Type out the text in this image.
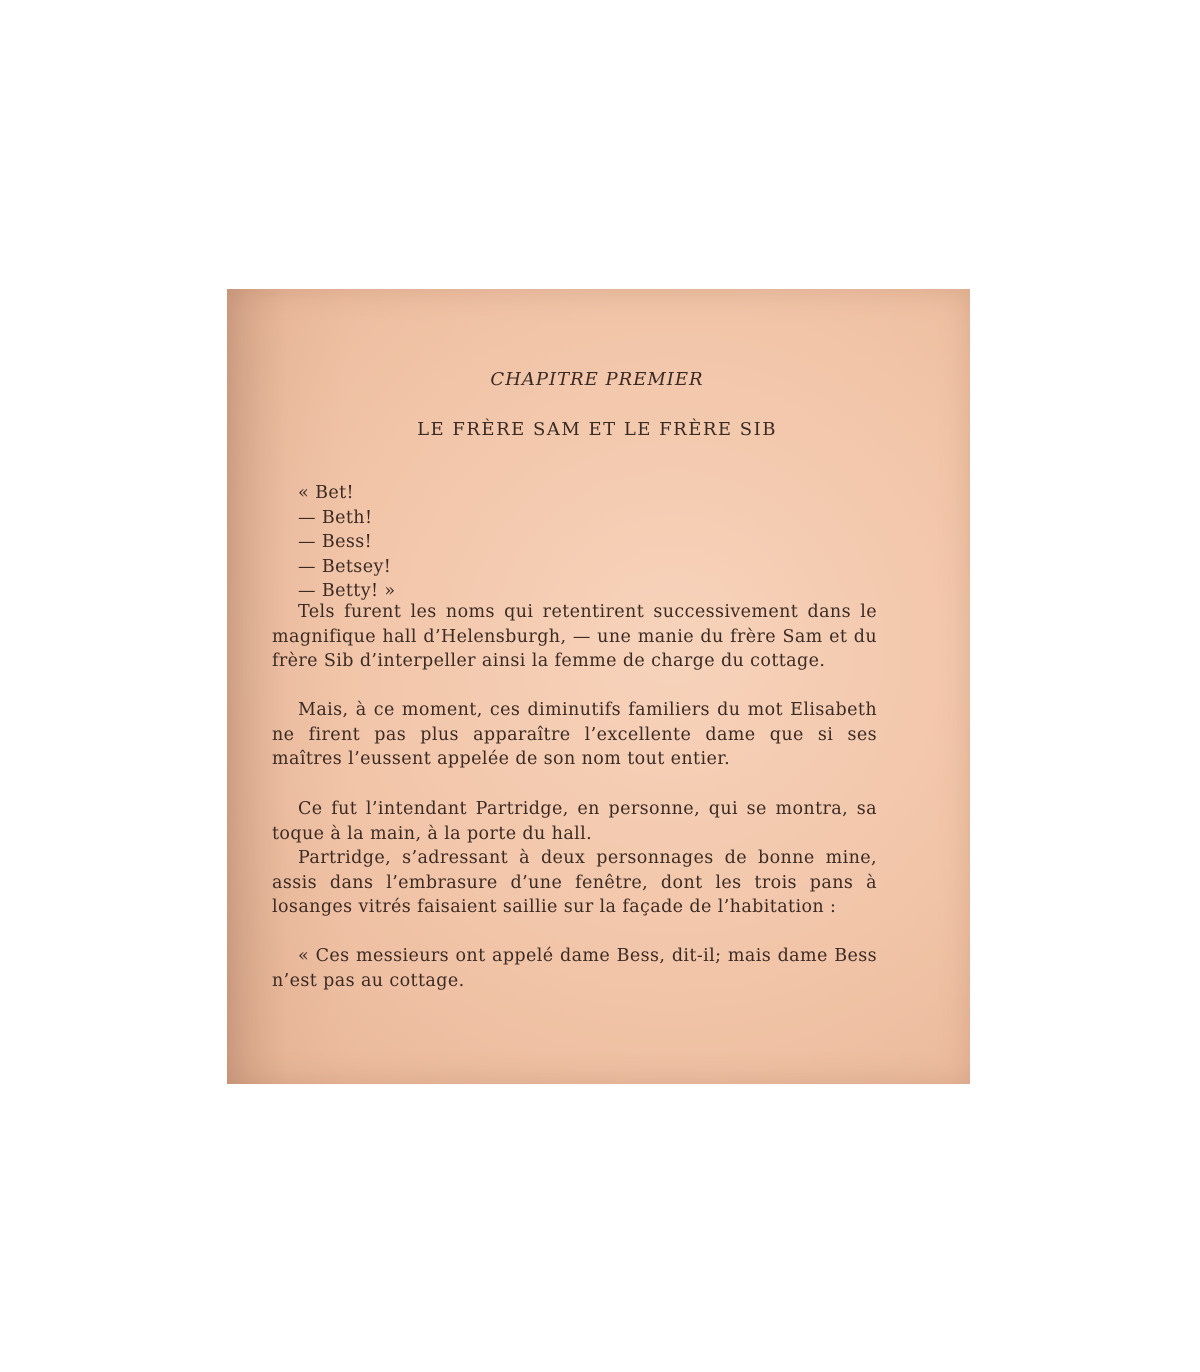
CHAPITRE PREMIER
LE FRÈRE SAM ET LE FRÈRE SIB
« Bet!
— Beth!
— Bess!
— Betsey!
— Betty! »

Tels furent les noms qui retentirent successivement dans le magnifique hall d’Helensburgh, — une manie du frère Sam et du frère Sib d’interpeller ainsi la femme de charge du cottage.

Mais, à ce moment, ces diminutifs familiers du mot Elisabeth ne firent pas plus apparaître l’excellente dame que si ses maîtres l’eussent appelée de son nom tout entier.

Ce fut l’intendant Partridge, en personne, qui se montra, sa toque à la main, à la porte du hall.

Partridge, s’adressant à deux personnages de bonne mine, assis dans l’embrasure d’une fenêtre, dont les trois pans à losanges vitrés faisaient saillie sur la façade de l’habitation :

« Ces messieurs ont appelé dame Bess, dit-il; mais dame Bess n’est pas au cottage.
